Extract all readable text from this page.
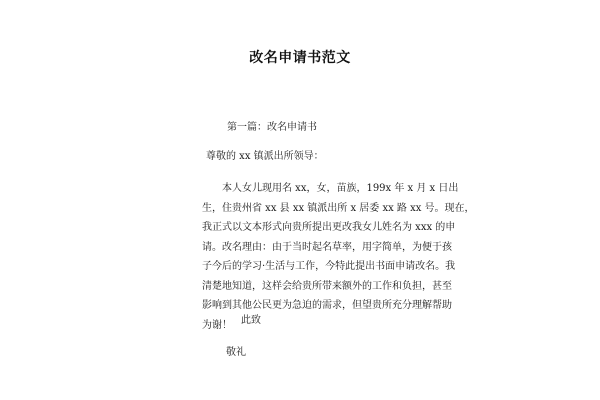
改名申请书范文
第一篇：改名申请书
尊敬的 xx 镇派出所领导：
　　本人女儿现用名 xx，女，苗族，199x 年 x 月 x 日出
生，住贵州省 xx 县 xx 镇派出所 x 居委 xx 路 xx 号。现在，
我正式以文本形式向贵所提出更改我女儿姓名为 xxx 的申
请。改名理由：由于当时起名草率，用字简单，为便于孩
子今后的学习·生活与工作，今特此提出书面申请改名。我
清楚地知道，这样会给贵所带来额外的工作和负担，甚至
影响到其他公民更为急迫的需求，但望贵所充分理解帮助
为谢！ 此致
敬礼
